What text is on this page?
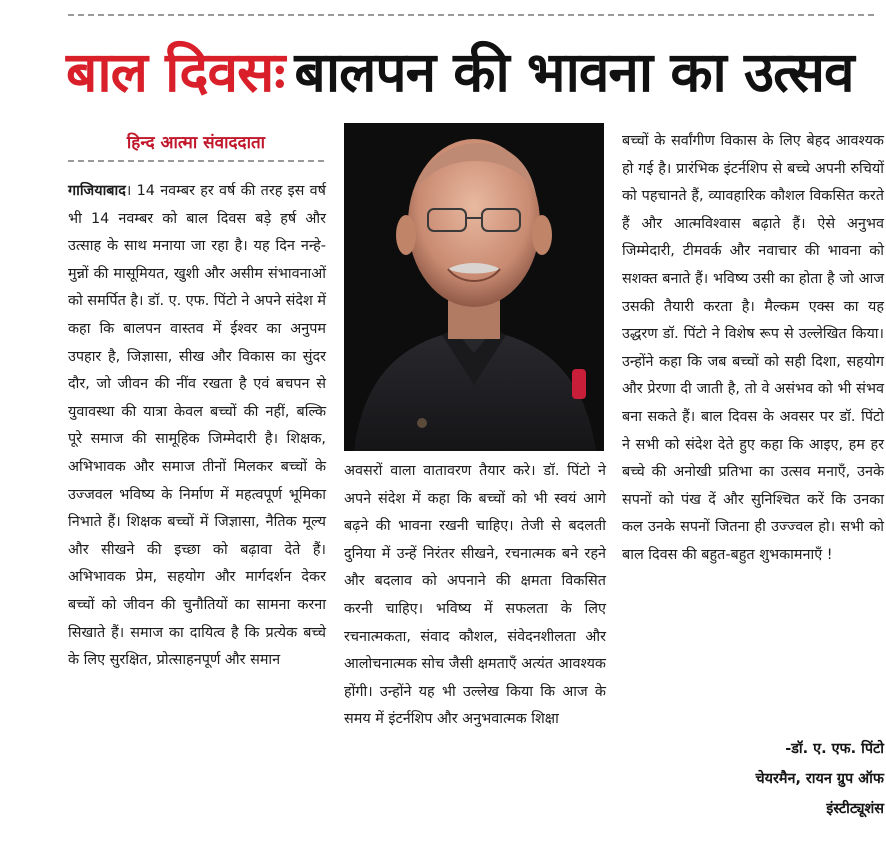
बाल दिवसः बालपन की भावना का उत्सव
हिन्द आत्मा संवाददाता
गाजियाबाद। 14 नवम्बर हर वर्ष की तरह इस वर्ष भी 14 नवम्बर को बाल दिवस बड़े हर्ष और उत्साह के साथ मनाया जा रहा है। यह दिन नन्हे-मुन्नों की मासूमियत, खुशी और असीम संभावनाओं को समर्पित है। डॉ. ए. एफ. पिंटो ने अपने संदेश में कहा कि बालपन वास्तव में ईश्वर का अनुपम उपहार है, जिज्ञासा, सीख और विकास का सुंदर दौर, जो जीवन की नींव रखता है एवं बचपन से युवावस्था की यात्रा केवल बच्चों की नहीं, बल्कि पूरे समाज की सामूहिक जिम्मेदारी है। शिक्षक, अभिभावक और समाज तीनों मिलकर बच्चों के उज्जवल भविष्य के निर्माण में महत्वपूर्ण भूमिका निभाते हैं। शिक्षक बच्चों में जिज्ञासा, नैतिक मूल्य और सीखने की इच्छा को बढ़ावा देते हैं। अभिभावक प्रेम, सहयोग और मार्गदर्शन देकर बच्चों को जीवन की चुनौतियों का सामना करना सिखाते हैं। समाज का दायित्व है कि प्रत्येक बच्चे के लिए सुरक्षित, प्रोत्साहनपूर्ण और समान
अवसरों वाला वातावरण तैयार करे। डॉ. पिंटो ने अपने संदेश में कहा कि बच्चों को भी स्वयं आगे बढ़ने की भावना रखनी चाहिए। तेजी से बदलती दुनिया में उन्हें निरंतर सीखने, रचनात्मक बने रहने और बदलाव को अपनाने की क्षमता विकसित करनी चाहिए। भविष्य में सफलता के लिए रचनात्मकता, संवाद कौशल, संवेदनशीलता और आलोचनात्मक सोच जैसी क्षमताएँ अत्यंत आवश्यक होंगी। उन्होंने यह भी उल्लेख किया कि आज के समय में इंटर्नशिप और अनुभवात्मक शिक्षा
बच्चों के सर्वांगीण विकास के लिए बेहद आवश्यक हो गई है। प्रारंभिक इंटर्नशिप से बच्चे अपनी रुचियों को पहचानते हैं, व्यावहारिक कौशल विकसित करते हैं और आत्मविश्वास बढ़ाते हैं। ऐसे अनुभव जिम्मेदारी, टीमवर्क और नवाचार की भावना को सशक्त बनाते हैं। भविष्य उसी का होता है जो आज उसकी तैयारी करता है। मैल्कम एक्स का यह उद्धरण डॉ. पिंटो ने विशेष रूप से उल्लेखित किया। उन्होंने कहा कि जब बच्चों को सही दिशा, सहयोग और प्रेरणा दी जाती है, तो वे असंभव को भी संभव बना सकते हैं। बाल दिवस के अवसर पर डॉ. पिंटो ने सभी को संदेश देते हुए कहा कि आइए, हम हर बच्चे की अनोखी प्रतिभा का उत्सव मनाएँ, उनके सपनों को पंख दें और सुनिश्चित करें कि उनका कल उनके सपनों जितना ही उज्ज्वल हो। सभी को बाल दिवस की बहुत-बहुत शुभकामनाएँ !
-डॉ. ए. एफ. पिंटो
चेयरमैन, रायन ग्रुप ऑफ
इंस्टीट्यूशंस
